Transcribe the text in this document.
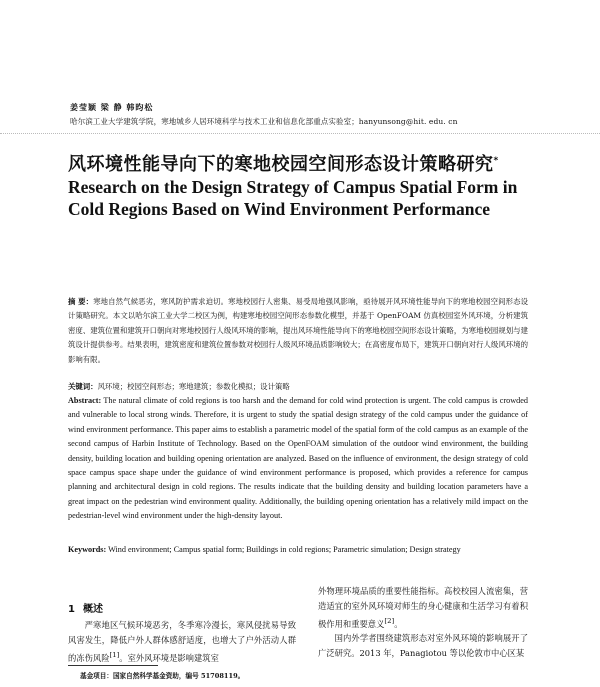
姜莹颖 梁 静 韩昀松
哈尔滨工业大学建筑学院，寒地城乡人居环境科学与技术工业和信息化部重点实验室；hanyunsong@hit. edu. cn
风环境性能导向下的寒地校园空间形态设计策略研究*
Research on the Design Strategy of Campus Spatial Form in Cold Regions Based on Wind Environment Performance
摘 要：寒地自然气候恶劣，寒风防护需求迫切。寒地校园行人密集、易受局地强风影响，亟待展开风环境性能导向下的寒地校园空间形态设计策略研究。本文以哈尔滨工业大学二校区为例，构建寒地校园空间形态参数化模型，并基于 OpenFOAM 仿真校园室外风环境，分析建筑密度、建筑位置和建筑开口朝向对寒地校园行人级风环境的影响，提出风环境性能导向下的寒地校园空间形态设计策略，为寒地校园规划与建筑设计提供参考。结果表明，建筑密度和建筑位置参数对校园行人级风环境品质影响较大；在高密度布局下，建筑开口朝向对行人级风环境的影响有限。
关键词：风环境；校园空间形态；寒地建筑；参数化模拟；设计策略
Abstract: The natural climate of cold regions is too harsh and the demand for cold wind protection is urgent. The cold campus is crowded and vulnerable to local strong winds. Therefore, it is urgent to study the spatial design strategy of the cold campus under the guidance of wind environment performance. This paper aims to establish a parametric model of the spatial form of the cold campus as an example of the second campus of Harbin Institute of Technology. Based on the OpenFOAM simulation of the outdoor wind environment, the building density, building location and building opening orientation are analyzed. Based on the influence of environment, the design strategy of cold space campus space shape under the guidance of wind environment performance is proposed, which provides a reference for campus planning and architectural design in cold regions. The results indicate that the building density and building location parameters have a great impact on the pedestrian wind environment quality. Additionally, the building opening orientation has a relatively mild impact on the pedestrian-level wind environment under the high-density layout.
Keywords: Wind environment; Campus spatial form; Buildings in cold regions; Parametric simulation; Design strategy
1 概述
严寒地区气候环境恶劣，冬季寒冷漫长，寒风侵扰易导致风害发生，降低户外人群体感舒适度，也增大了户外活动人群的冻伤风险[1]。室外风环境是影响建筑室
外物理环境品质的重要性能指标。高校校园人流密集，营造适宜的室外风环境对师生的身心健康和生活学习有着积极作用和重要意义[2]。
国内外学者围绕建筑形态对室外风环境的影响展开了广泛研究。2013 年，Panagiotou 等以伦敦市中心区某
基金项目：国家自然科学基金资助，编号 51708119。
